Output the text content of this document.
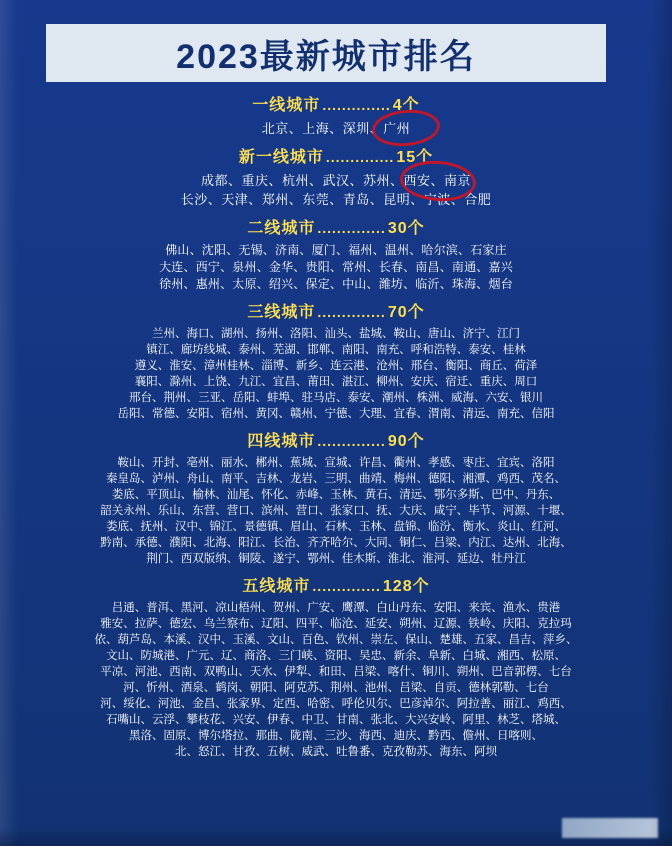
2023最新城市排名
一线城市 .............. 4个
北京、上海、深圳、广州
新一线城市 .............. 15个
成都、重庆、杭州、武汉、苏州、西安、南京
长沙、天津、郑州、东莞、青岛、昆明、宁波、合肥
二线城市 .............. 30个
佛山、沈阳、无锡、济南、厦门、福州、温州、哈尔滨、石家庄
大连、西宁、泉州、金华、贵阳、常州、长春、南昌、南通、嘉兴
徐州、惠州、太原、绍兴、保定、中山、潍坊、临沂、珠海、烟台
三线城市 .............. 70个
兰州、海口、湖州、扬州、洛阳、汕头、盐城、鞍山、唐山、济宁、江门
镇江、廊坊线城、泰州、芜湖、邯郸、南阳、南充、呼和浩特、泰安、桂林
遵义、淮安、漳州桂林、淄博、新乡、连云港、沧州、邢台、衡阳、商丘、荷泽
襄阳、滁州、上饶、九江、宜昌、莆田、湛江、柳州、安庆、宿迁、重庆、周口
邢台、荆州、三亚、岳阳、蚌埠、驻马店、泰安、潮州、株洲、威海、六安、银川
岳阳、常德、安阳、宿州、黄冈、赣州、宁德、大理、宜春、渭南、清远、南充、信阳
四线城市 .............. 90个
鞍山、开封、亳州、丽水、郴州、蕉城、宣城、许昌、衢州、孝感、枣庄、宜宾、洛阳
秦皇岛、泸州、舟山、南平、吉林、龙岩、三明、曲靖、梅州、德阳、湘潭、鸡西、茂名、
娄底、平顶山、榆林、汕尾、怀化、赤峰、玉林、黄石、清远、鄂尔多斯、巴中、丹东、
韶关永州、乐山、东营、营口、滨州、营口、张家口、抚、大庆、咸宁、毕节、河源、十堰、
娄底、抚州、汉中、锦江、景德镇、眉山、石林、玉林、盘锦、临汾、衡水、炎山、红河、
黔南、承德、濮阳、北海、阳江、长治、齐齐哈尔、大同、铜仁、吕梁、内江、达州、北海、
荆门、西双版纳、铜陵、遂宁、鄂州、佳木斯、淮北、淮河、延边、牡丹江
五线城市 .............. 128个
吕通、普洱、黑河、凉山梧州、贺州、广安、鹰潭、白山丹东、安阳、来宾、渔水、贵港
雅安、拉萨、德宏、乌兰察布、辽阳、四平、临沧、延安、朔州、辽源、铁岭、庆阳、克拉玛
依、葫芦岛、本溪、汉中、玉溪、文山、百色、钦州、崇左、保山、楚雄、五家、昌吉、萍乡、
文山、防城港、广元、辽、商洛、三门峡、资阳、吴忠、新余、阜新、白城、湘西、松原、
平凉、河池、西南、双鸭山、天水、伊犁、和田、吕梁、喀什、铜川、朔州、巴音郭楞、七台
河、忻州、酒泉、鹤岗、朝阳、阿克苏、荆州、池州、吕梁、自贡、德林郭勒、七台
河、绥化、河池、金昌、张家界、定西、哈密、呼伦贝尔、巴彦淖尔、阿拉善、丽江、鸡西、
石嘴山、云浮、攀枝花、兴安、伊春、中卫、甘南、张北、大兴安岭、阿里、林芝、塔城、
黑洛、固原、博尔塔拉、那曲、陇南、三沙、海西、迪庆、黔西、儋州、日喀则、
北、怒江、甘孜、五树、威武、吐鲁番、克孜勒苏、海东、阿坝
